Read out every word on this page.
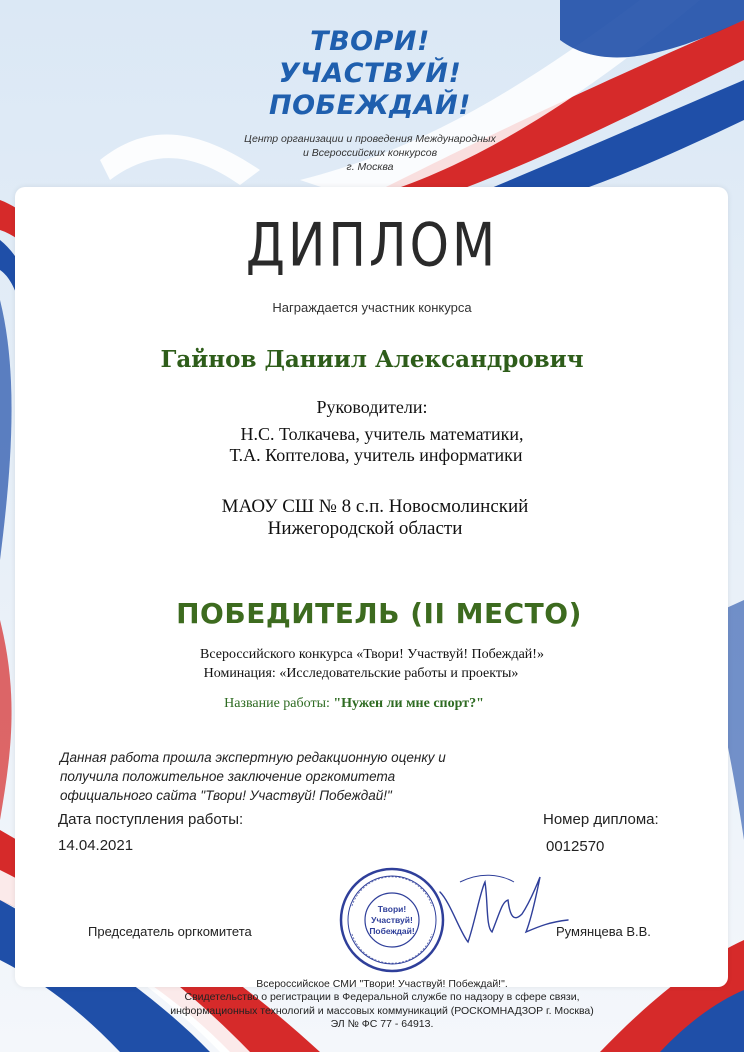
ТВОРИ!
УЧАСТВУЙ!
ПОБЕЖДАЙ!
Центр организации и проведения Международных
и Всероссийских конкурсов
г. Москва
ДИПЛОМ
Награждается участник конкурса
Гайнов Даниил Александрович
Руководители:
Н.С. Толкачева, учитель математики,
Т.А. Коптелова, учитель информатики
МАОУ СШ № 8 с.п. Новосмолинский
Нижегородской области
ПОБЕДИТЕЛЬ (II МЕСТО)
Всероссийского конкурса «Твори! Участвуй! Побеждай!»
Номинация: «Исследовательские работы и проекты»
Название работы: "Нужен ли мне спорт?"
Данная работа прошла экспертную редакционную оценку и получила положительное заключение оргкомитета официального сайта "Твори! Участвуй! Побеждай!"
Дата поступления работы:
14.04.2021
Номер диплома:
0012570
Председатель оргкомитета	Румянцева В.В.
Твори!
Участвуй!
Побеждай!
Всероссийское СМИ "Твори! Участвуй! Побеждай!".
Свидетельство о регистрации в Федеральной службе по надзору в сфере связи,
информационных технологий и массовых коммуникаций (РОСКОМНАДЗОР г. Москва)
ЭЛ № ФС 77 - 64913.
